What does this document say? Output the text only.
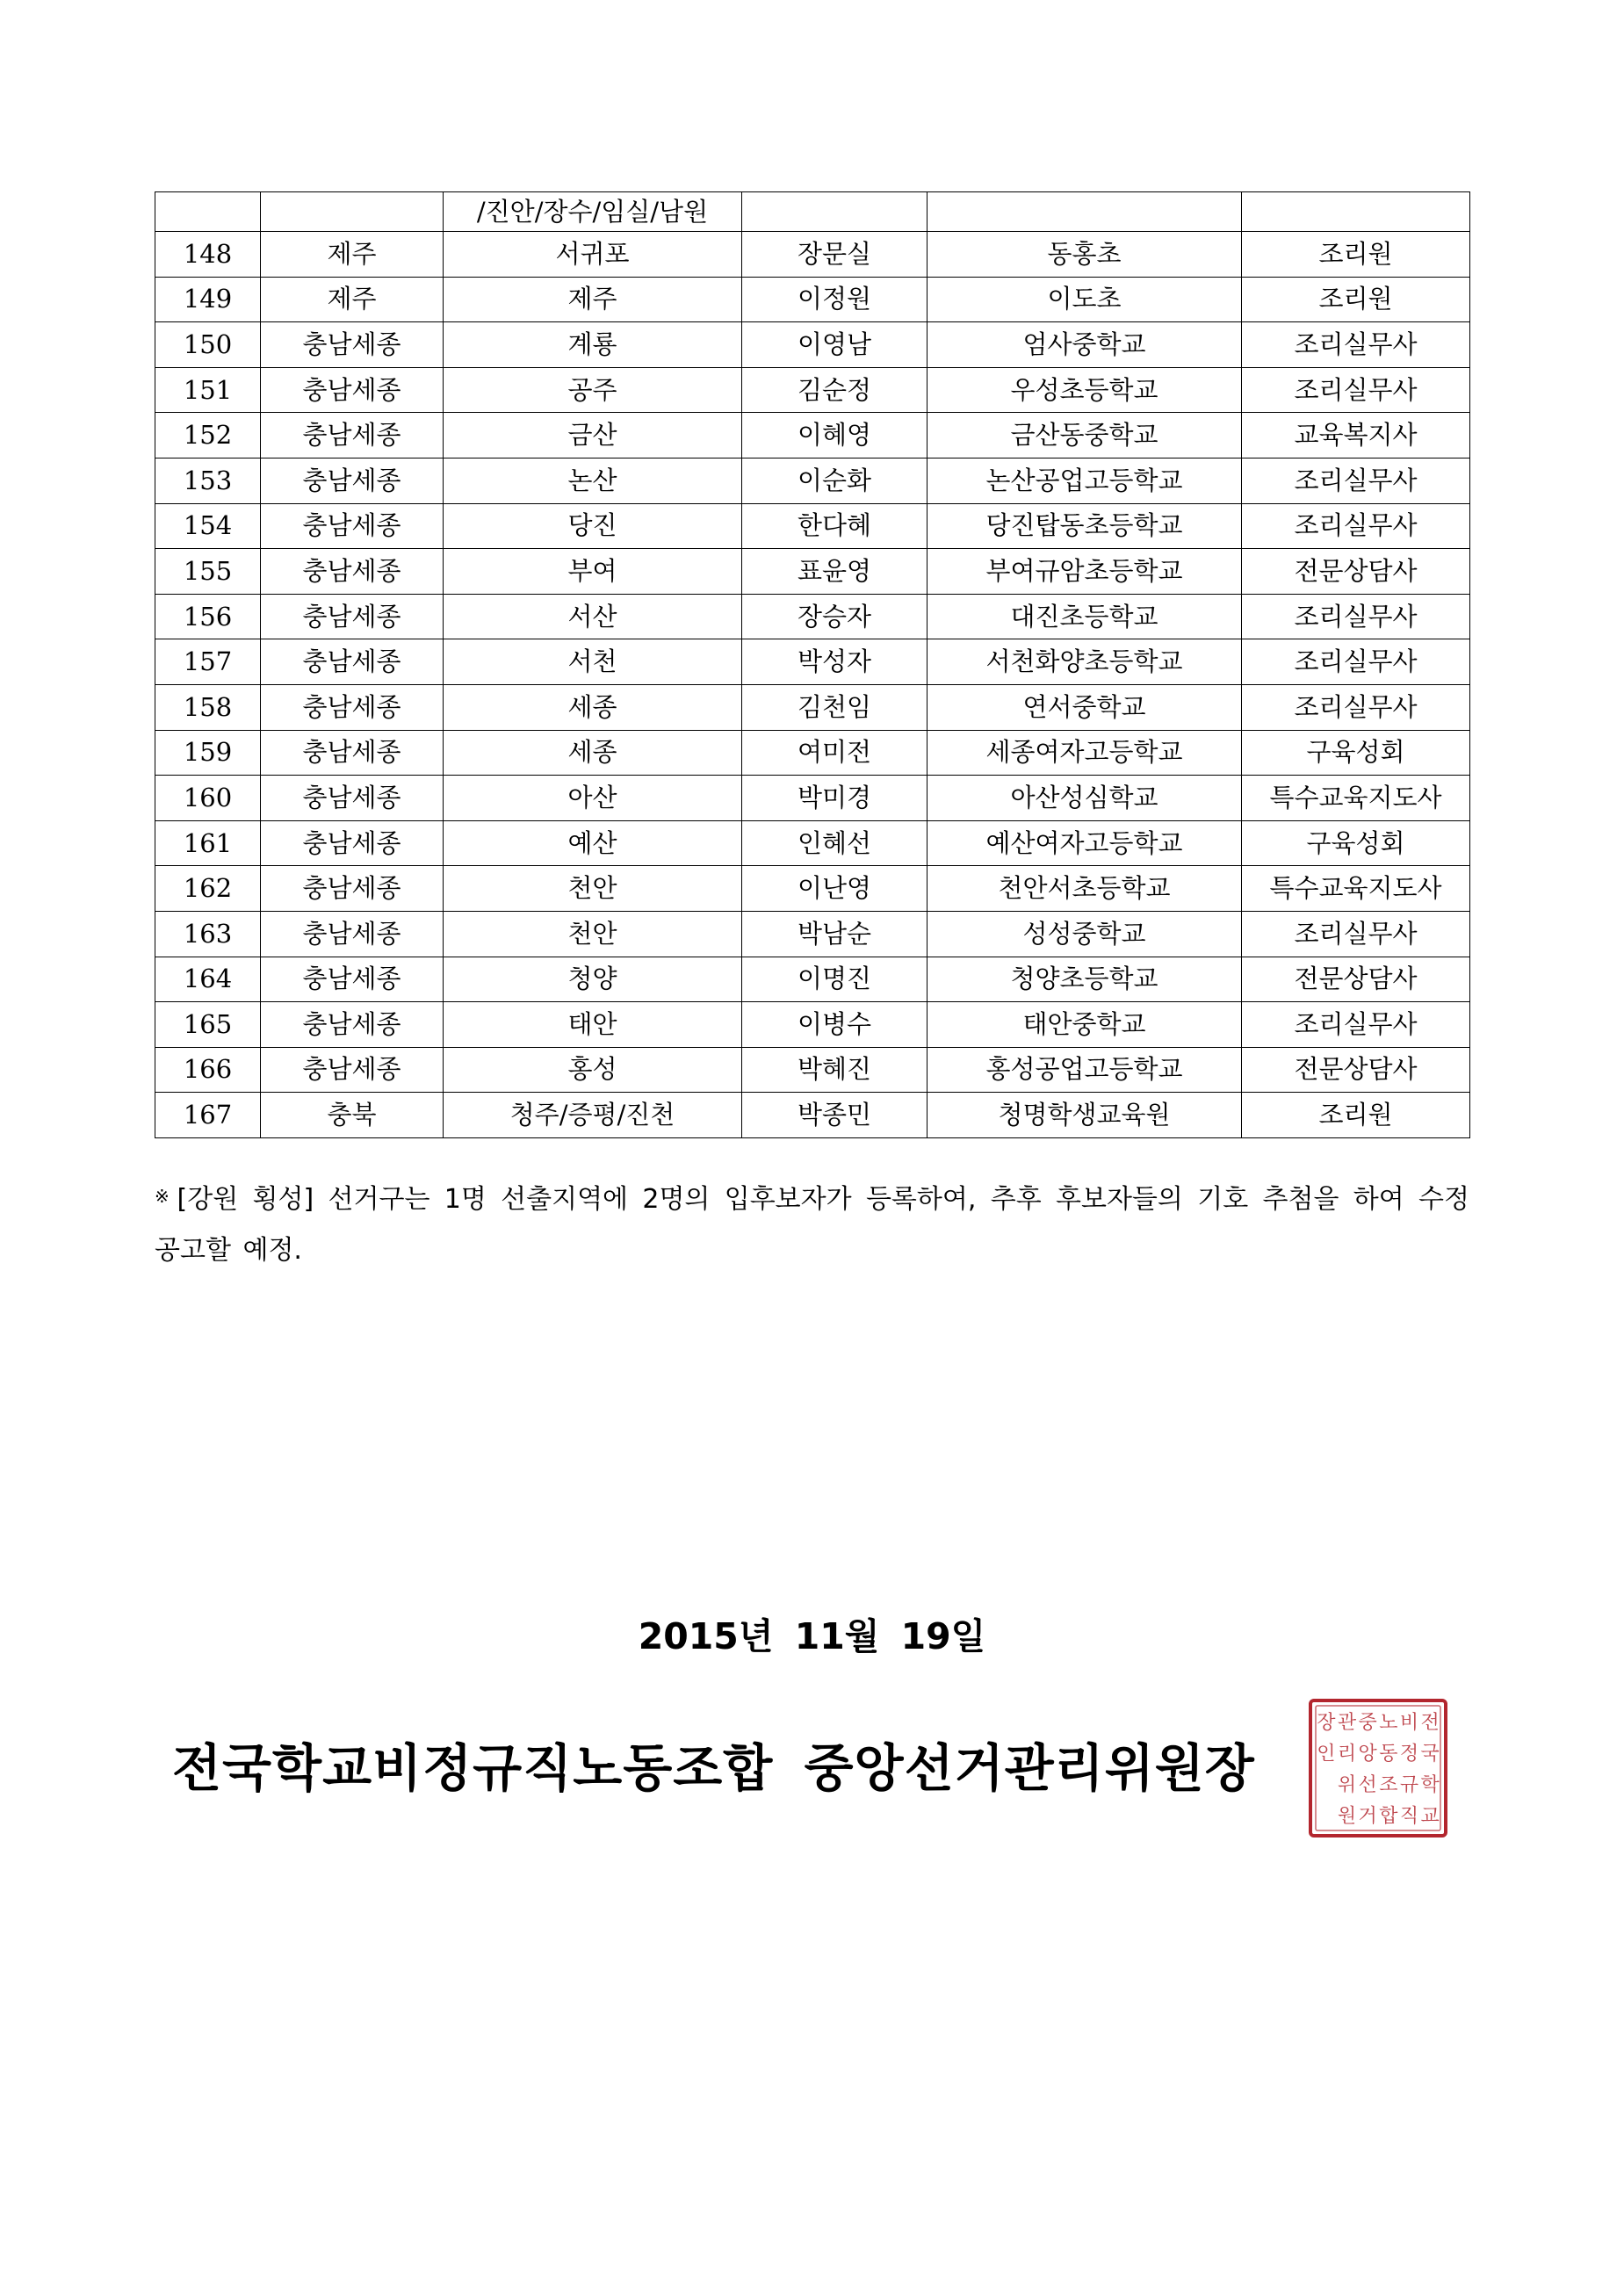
		/진안/장수/임실/남원			
148	제주	서귀포	장문실	동홍초	조리원
149	제주	제주	이정원	이도초	조리원
150	충남세종	계룡	이영남	엄사중학교	조리실무사
151	충남세종	공주	김순정	우성초등학교	조리실무사
152	충남세종	금산	이혜영	금산동중학교	교육복지사
153	충남세종	논산	이순화	논산공업고등학교	조리실무사
154	충남세종	당진	한다혜	당진탑동초등학교	조리실무사
155	충남세종	부여	표윤영	부여규암초등학교	전문상담사
156	충남세종	서산	장승자	대진초등학교	조리실무사
157	충남세종	서천	박성자	서천화양초등학교	조리실무사
158	충남세종	세종	김천임	연서중학교	조리실무사
159	충남세종	세종	여미전	세종여자고등학교	구육성회
160	충남세종	아산	박미경	아산성심학교	특수교육지도사
161	충남세종	예산	인혜선	예산여자고등학교	구육성회
162	충남세종	천안	이난영	천안서초등학교	특수교육지도사
163	충남세종	천안	박남순	성성중학교	조리실무사
164	충남세종	청양	이명진	청양초등학교	전문상담사
165	충남세종	태안	이병수	태안중학교	조리실무사
166	충남세종	홍성	박혜진	홍성공업고등학교	전문상담사
167	충북	청주/증평/진천	박종민	청명학생교육원	조리원
※ [강원 횡성] 선거구는 1명 선출지역에 2명의 입후보자가 등록하여, 추후 후보자들의 기호 추첨을 하여 수정 공고할 예정.
2015년 11월 19일
전국학교비정규직노동조합 중앙선거관리위원장
전
국
학
교
비
정
규
직
노
동
조
합
중
앙
선
거
관
리
위
원
장
인
